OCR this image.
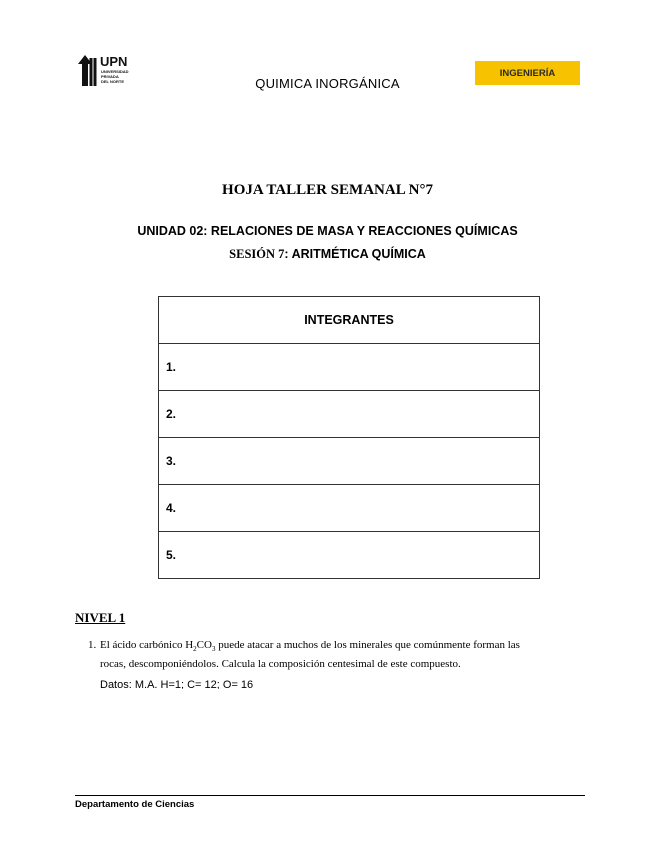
UPN
UNIVERSIDAD
PRIVADA
DEL NORTE	QUIMICA INORGÁNICA
INGENIERÍA
HOJA TALLER SEMANAL N°7
UNIDAD 02: RELACIONES DE MASA Y REACCIONES QUÍMICAS
SESIÓN 7: ARITMÉTICA QUÍMICA
INTEGRANTES
1.
2.
3.
4.
5.
NIVEL 1
1. El ácido carbónico $H_2CO_3$ puede atacar a muchos de los minerales que comúnmente forman las
rocas, descomponiéndolos. Calcula la composición centesimal de este compuesto.
Datos: M.A. H=1; C= 12; O= 16
Departamento de Ciencias
